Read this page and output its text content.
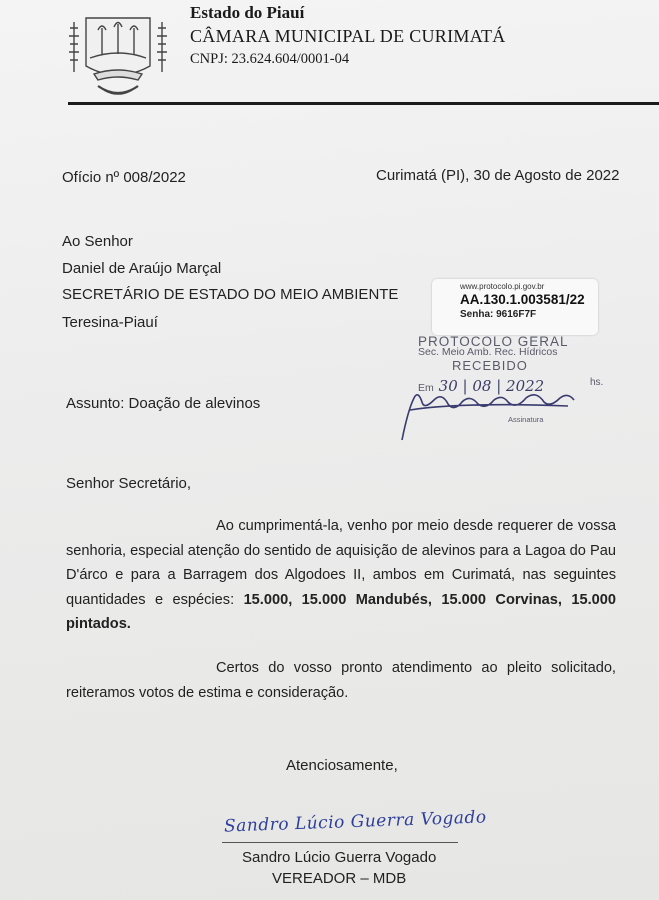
Estado do Piauí
CÂMARA MUNICIPAL DE CURIMATÁ
CNPJ: 23.624.604/0001-04
Ofício nº 008/2022	Curimatá (PI), 30 de Agosto de 2022
Ao Senhor
Daniel de Araújo Marçal
SECRETÁRIO DE ESTADO DO MEIO AMBIENTE
Teresina-Piauí
www.protocolo.pi.gov.br
AA.130.1.003581/22
Senha: 9616F7F
PROTOCOLO GERAL
Sec. Meio Amb. Rec. Hídricos
RECEBIDO
Em 30 | 08 | 2022	hs.
Assinatura
Assunto: Doação de alevinos
Senhor Secretário,
Ao cumprimentá-la, venho por meio desde requerer de vossa senhoria, especial atenção do sentido de aquisição de alevinos para a Lagoa do Pau D'árco e para a Barragem dos Algodoes II, ambos em Curimatá, nas seguintes quantidades e espécies: 15.000, 15.000 Mandubés, 15.000 Corvinas, 15.000 pintados.
Certos do vosso pronto atendimento ao pleito solicitado, reiteramos votos de estima e consideração.
Atenciosamente,
Sandro Lúcio Guerra Vogado
Sandro Lúcio Guerra Vogado
VEREADOR – MDB
